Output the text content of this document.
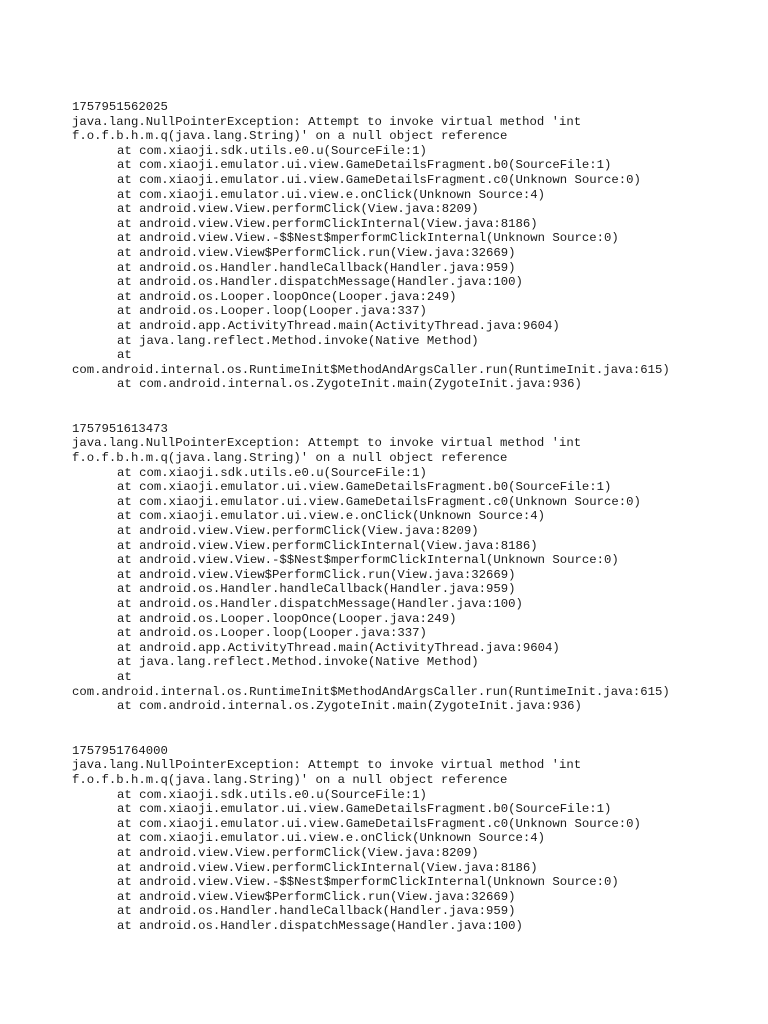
1757951562025
java.lang.NullPointerException: Attempt to invoke virtual method 'int
f.o.f.b.h.m.q(java.lang.String)' on a null object reference
at com.xiaoji.sdk.utils.e0.u(SourceFile:1)
at com.xiaoji.emulator.ui.view.GameDetailsFragment.b0(SourceFile:1)
at com.xiaoji.emulator.ui.view.GameDetailsFragment.c0(Unknown Source:0)
at com.xiaoji.emulator.ui.view.e.onClick(Unknown Source:4)
at android.view.View.performClick(View.java:8209)
at android.view.View.performClickInternal(View.java:8186)
at android.view.View.-$$Nest$mperformClickInternal(Unknown Source:0)
at android.view.View$PerformClick.run(View.java:32669)
at android.os.Handler.handleCallback(Handler.java:959)
at android.os.Handler.dispatchMessage(Handler.java:100)
at android.os.Looper.loopOnce(Looper.java:249)
at android.os.Looper.loop(Looper.java:337)
at android.app.ActivityThread.main(ActivityThread.java:9604)
at java.lang.reflect.Method.invoke(Native Method)
at
com.android.internal.os.RuntimeInit$MethodAndArgsCaller.run(RuntimeInit.java:615)
at com.android.internal.os.ZygoteInit.main(ZygoteInit.java:936)
1757951613473
java.lang.NullPointerException: Attempt to invoke virtual method 'int
f.o.f.b.h.m.q(java.lang.String)' on a null object reference
at com.xiaoji.sdk.utils.e0.u(SourceFile:1)
at com.xiaoji.emulator.ui.view.GameDetailsFragment.b0(SourceFile:1)
at com.xiaoji.emulator.ui.view.GameDetailsFragment.c0(Unknown Source:0)
at com.xiaoji.emulator.ui.view.e.onClick(Unknown Source:4)
at android.view.View.performClick(View.java:8209)
at android.view.View.performClickInternal(View.java:8186)
at android.view.View.-$$Nest$mperformClickInternal(Unknown Source:0)
at android.view.View$PerformClick.run(View.java:32669)
at android.os.Handler.handleCallback(Handler.java:959)
at android.os.Handler.dispatchMessage(Handler.java:100)
at android.os.Looper.loopOnce(Looper.java:249)
at android.os.Looper.loop(Looper.java:337)
at android.app.ActivityThread.main(ActivityThread.java:9604)
at java.lang.reflect.Method.invoke(Native Method)
at
com.android.internal.os.RuntimeInit$MethodAndArgsCaller.run(RuntimeInit.java:615)
at com.android.internal.os.ZygoteInit.main(ZygoteInit.java:936)
1757951764000
java.lang.NullPointerException: Attempt to invoke virtual method 'int
f.o.f.b.h.m.q(java.lang.String)' on a null object reference
at com.xiaoji.sdk.utils.e0.u(SourceFile:1)
at com.xiaoji.emulator.ui.view.GameDetailsFragment.b0(SourceFile:1)
at com.xiaoji.emulator.ui.view.GameDetailsFragment.c0(Unknown Source:0)
at com.xiaoji.emulator.ui.view.e.onClick(Unknown Source:4)
at android.view.View.performClick(View.java:8209)
at android.view.View.performClickInternal(View.java:8186)
at android.view.View.-$$Nest$mperformClickInternal(Unknown Source:0)
at android.view.View$PerformClick.run(View.java:32669)
at android.os.Handler.handleCallback(Handler.java:959)
at android.os.Handler.dispatchMessage(Handler.java:100)
